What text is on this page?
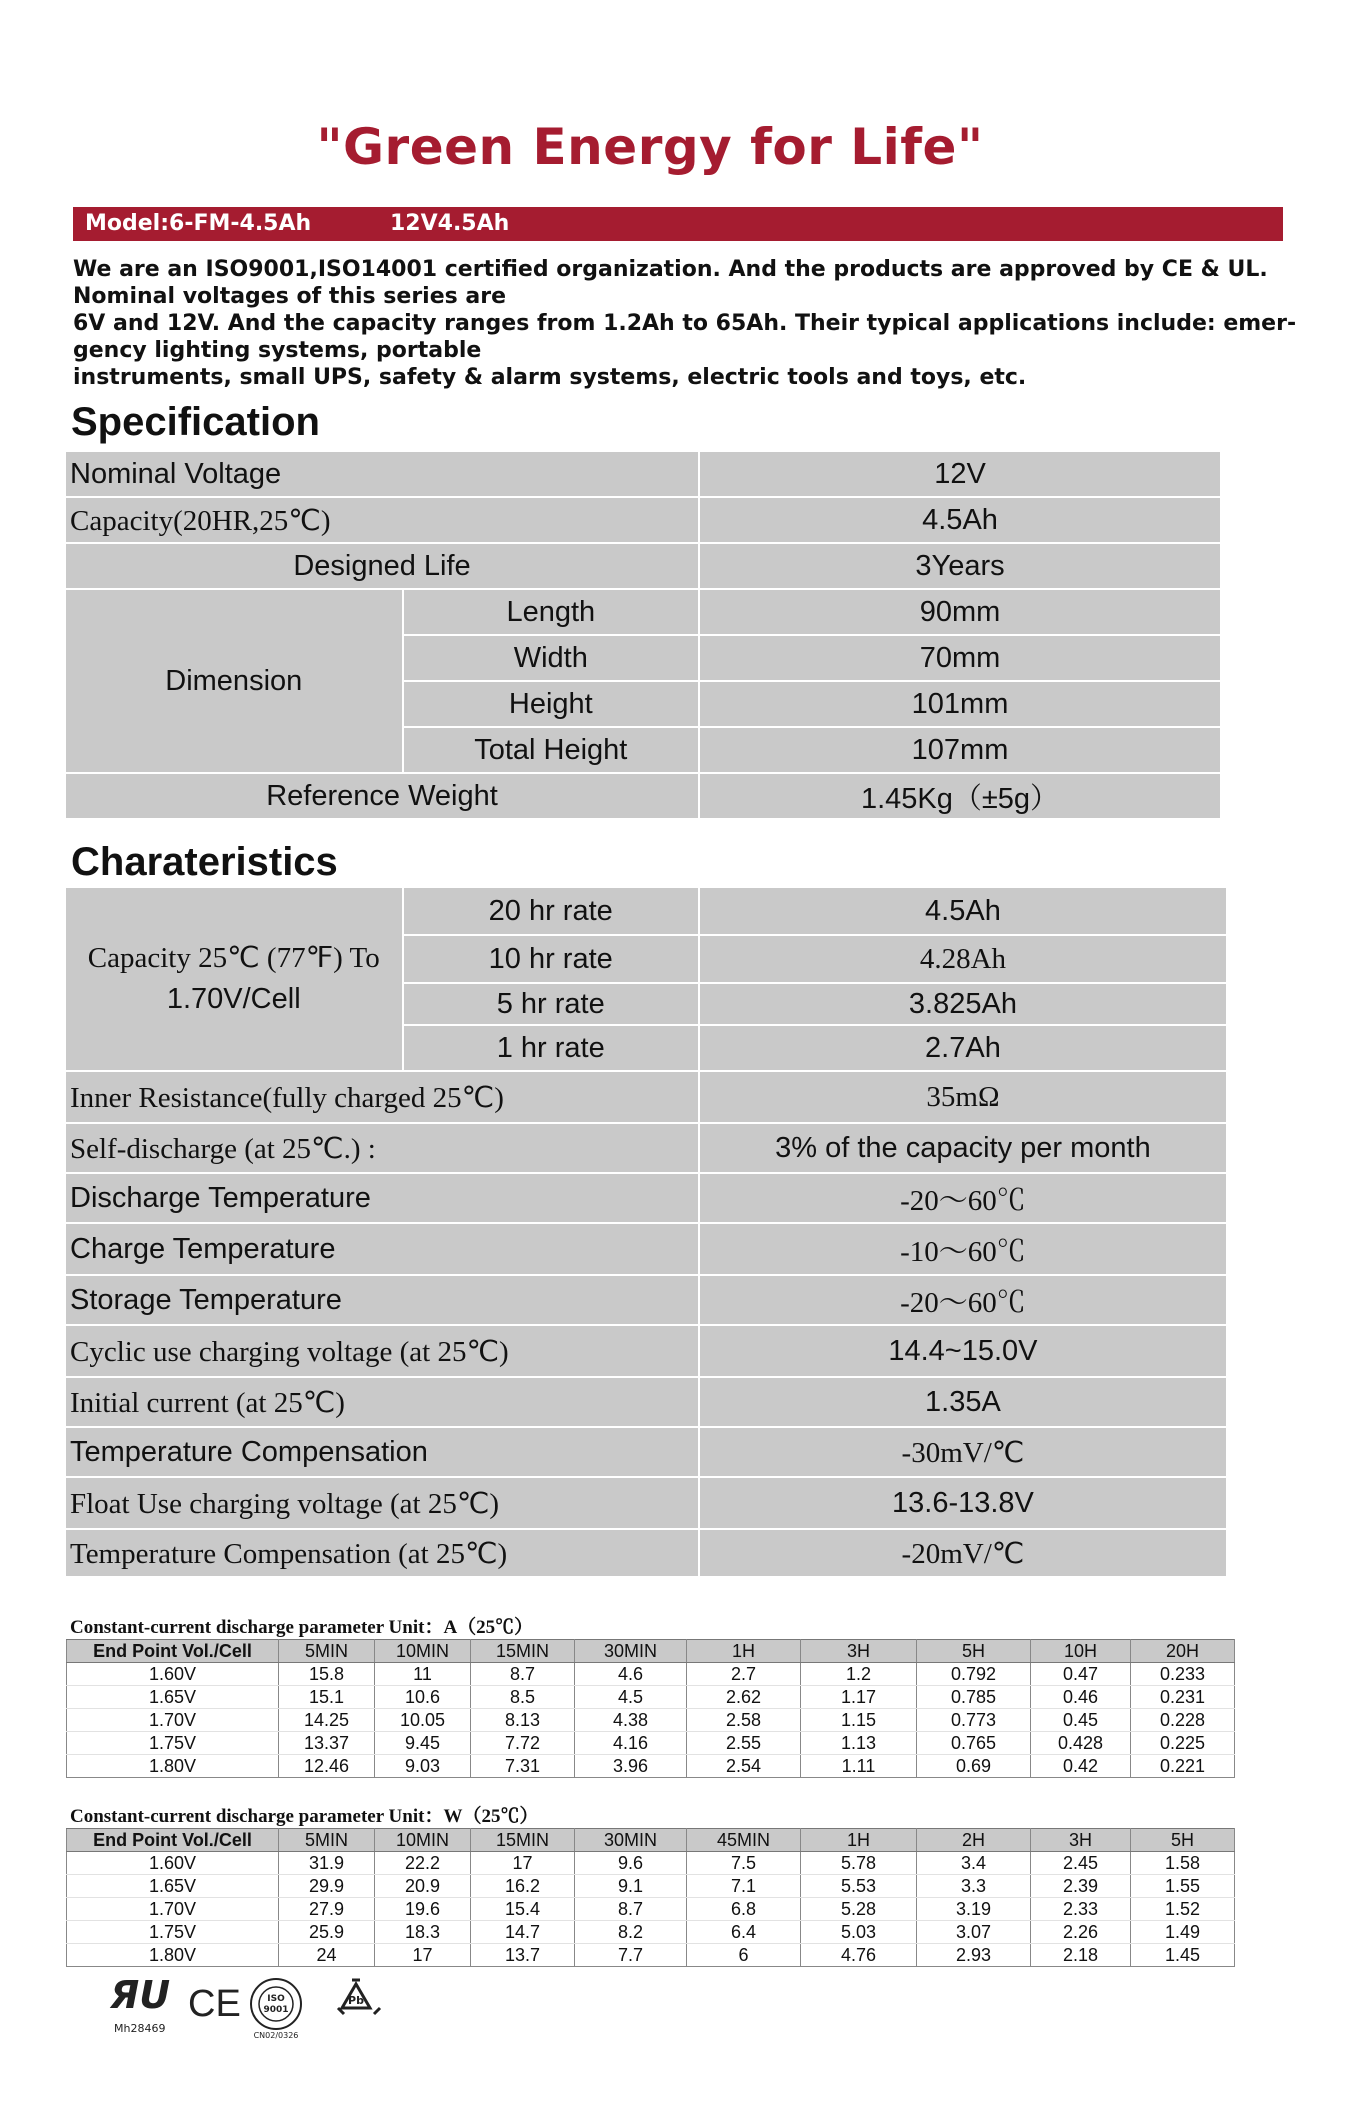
"Green Energy for Life"
Model:6-FM-4.5Ah	12V4.5Ah
We are an ISO9001,ISO14001 certified organization. And the products are approved by CE & UL.
Nominal voltages of this series are
6V and 12V. And the capacity ranges from 1.2Ah to 65Ah. Their typical applications include: emer-
gency lighting systems, portable
instruments, small UPS, safety & alarm systems, electric tools and toys, etc.
Specification
Nominal Voltage		12V
Capacity(20HR,25℃)		4.5Ah
Designed Life		3Years
Dimension	Length	90mm
	Width	70mm
	Height	101mm
	Total Height	107mm
Reference Weight		1.45Kg（±5g）
Charateristics
Capacity 25℃ (77℉) To
1.70V/Cell	20 hr rate	4.5Ah
	10 hr rate	4.28Ah
	5 hr rate	3.825Ah
	1 hr rate	2.7Ah
Inner Resistance(fully charged 25℃)		35mΩ
Self-discharge (at 25℃.) :		3% of the capacity per month
Discharge Temperature		-20～60℃
Charge Temperature		-10～60℃
Storage Temperature		-20～60℃
Cyclic use charging voltage (at 25℃)		14.4~15.0V
Initial current (at 25℃)		1.35A
Temperature Compensation		-30mV/℃
Float Use charging voltage (at 25℃)		13.6-13.8V
Temperature Compensation (at 25℃)		-20mV/℃
Constant-current discharge parameter Unit：A（25℃）
End Point Vol./Cell	5MIN	10MIN	15MIN	30MIN	1H	3H	5H	10H	20H
1.60V	15.8	11	8.7	4.6	2.7	1.2	0.792	0.47	0.233
1.65V	15.1	10.6	8.5	4.5	2.62	1.17	0.785	0.46	0.231
1.70V	14.25	10.05	8.13	4.38	2.58	1.15	0.773	0.45	0.228
1.75V	13.37	9.45	7.72	4.16	2.55	1.13	0.765	0.428	0.225
1.80V	12.46	9.03	7.31	3.96	2.54	1.11	0.69	0.42	0.221
Constant-current discharge parameter Unit：W（25℃）
End Point Vol./Cell	5MIN	10MIN	15MIN	30MIN	45MIN	1H	2H	3H	5H
1.60V	31.9	22.2	17	9.6	7.5	5.78	3.4	2.45	1.58
1.65V	29.9	20.9	16.2	9.1	7.1	5.53	3.3	2.39	1.55
1.70V	27.9	19.6	15.4	8.7	6.8	5.28	3.19	2.33	1.52
1.75V	25.9	18.3	14.7	8.2	6.4	5.03	3.07	2.26	1.49
1.80V	24	17	13.7	7.7	6	4.76	2.93	2.18	1.45
ЯU
Mh28469
CE	ISO
9001
CN02/0326
Pb
